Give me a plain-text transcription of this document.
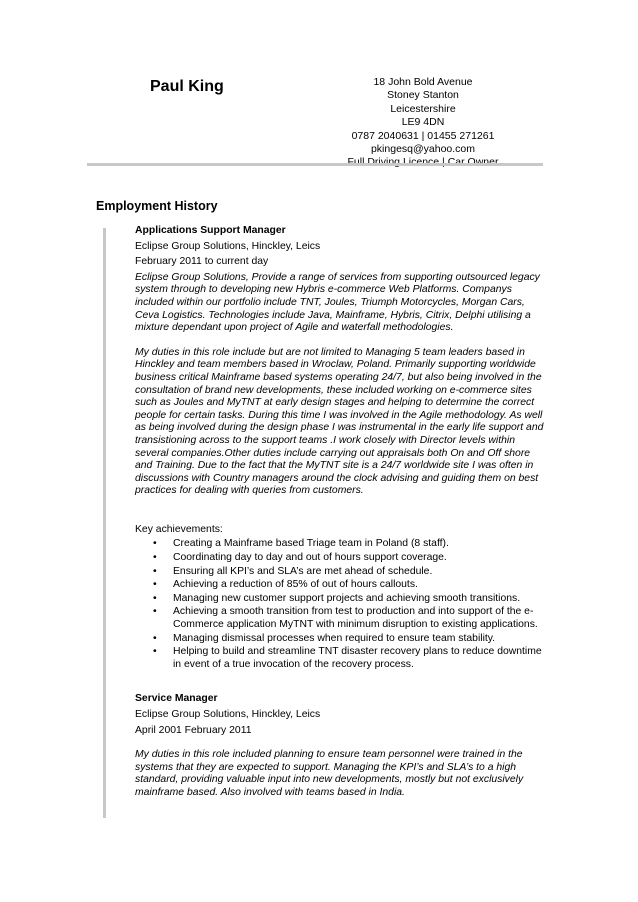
Paul King	18 John Bold Avenue
Stoney Stanton
Leicestershire
LE9 4DN
0787 2040631 | 01455 271261
pkingesq@yahoo.com
Employment History
Applications Support Manager
Eclipse Group Solutions, Hinckley, Leics
February 2011 to current day
Eclipse Group Solutions, Provide a range of services from supporting outsourced legacy system through to developing new Hybris e-commerce Web Platforms. Companys included within our portfolio include TNT, Joules, Triumph Motorcycles, Morgan Cars, Ceva Logistics. Technologies include Java, Mainframe, Hybris, Citrix, Delphi utilising a mixture dependant upon project of Agile and waterfall methodologies.
My duties in this role include but are not limited to Managing 5 team leaders based in Hinckley and team members based in Wroclaw, Poland. Primarily supporting worldwide business critical Mainframe based systems operating 24/7, but also being involved in the consultation of brand new developments, these included working on e-commerce sites such as Joules and MyTNT at early design stages and helping to determine the correct people for certain tasks. During this time I was involved in the Agile methodology. As well as being involved during the design phase I was instrumental in the early life support and transistioning across to the support teams .I work closely with Director levels within several companies.Other duties include carrying out appraisals both On and Off shore and Training. Due to the fact that the MyTNT site is a 24/7 worldwide site I was often in discussions with Country managers around the clock advising and guiding them on best practices for dealing with queries from customers.
Key achievements:
• Creating a Mainframe based Triage team in Poland (8 staff).
• Coordinating day to day and out of hours support coverage.
• Ensuring all KPI’s and SLA’s are met ahead of schedule.
• Achieving a reduction of 85% of out of hours callouts.
• Managing new customer support projects and achieving smooth transitions.
• Achieving a smooth transition from test to production and into support of the e-Commerce application MyTNT with minimum disruption to existing applications.
• Managing dismissal processes when required to ensure team stability.
• Helping to build and streamline TNT disaster recovery plans to reduce downtime in event of a true invocation of the recovery process.
Service Manager
Eclipse Group Solutions, Hinckley, Leics
April 2001 February 2011
My duties in this role included planning to ensure team personnel were trained in the systems that they are expected to support. Managing the KPI’s and SLA’s to a high standard, providing valuable input into new developments, mostly but not exclusively mainframe based. Also involved with teams based in India.
